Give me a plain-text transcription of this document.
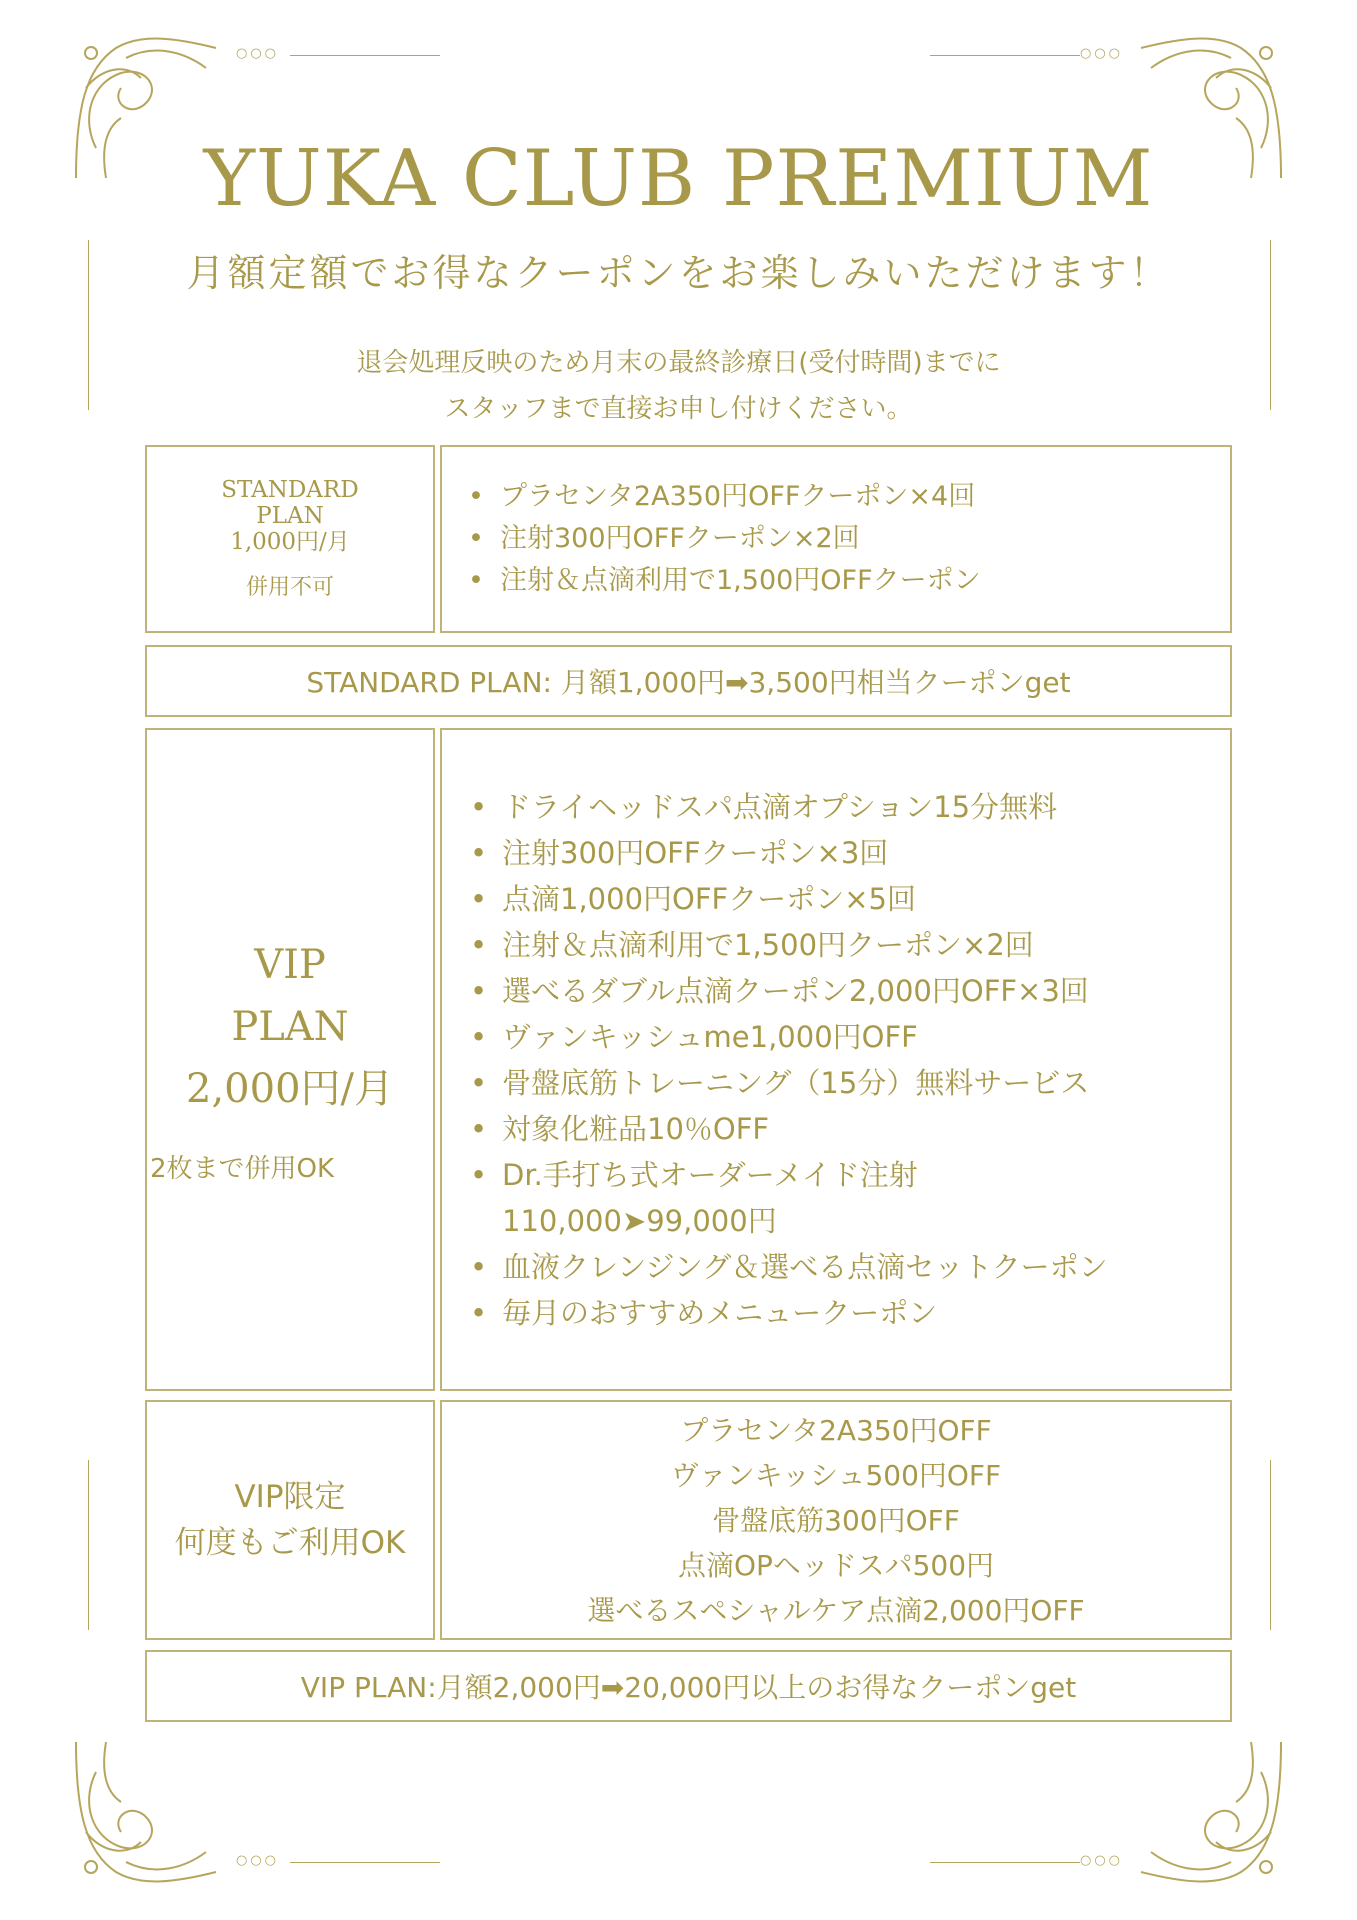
○○○	○○○
○○○	○○○
YUKA CLUB PREMIUM
月額定額でお得なクーポンをお楽しみいただけます！
退会処理反映のため月末の最終診療日(受付時間)までに
スタッフまで直接お申し付けください。
STANDARD
PLAN
1,000円/月
併用不可
• プラセンタ2A350円OFFクーポン×4回
• 注射300円OFFクーポン×2回
• 注射＆点滴利用で1,500円OFFクーポン
STANDARD PLAN: 月額1,000円➡3,500円相当クーポンget
VIP
PLAN
2,000円/月
2枚まで併用OK
• ドライヘッドスパ点滴オプション15分無料
• 注射300円OFFクーポン×3回
• 点滴1,000円OFFクーポン×5回
• 注射＆点滴利用で1,500円クーポン×2回
• 選べるダブル点滴クーポン2,000円OFF×3回
• ヴァンキッシュme1,000円OFF
• 骨盤底筋トレーニング（15分）無料サービス
• 対象化粧品10％OFF
• Dr.手打ち式オーダーメイド注射
110,000➤99,000円
• 血液クレンジング＆選べる点滴セットクーポン
• 毎月のおすすめメニュークーポン
VIP限定
何度もご利用OK
プラセンタ2A350円OFF
ヴァンキッシュ500円OFF
骨盤底筋300円OFF
点滴OPヘッドスパ500円
選べるスペシャルケア点滴2,000円OFF
VIP PLAN:月額2,000円➡20,000円以上のお得なクーポンget
